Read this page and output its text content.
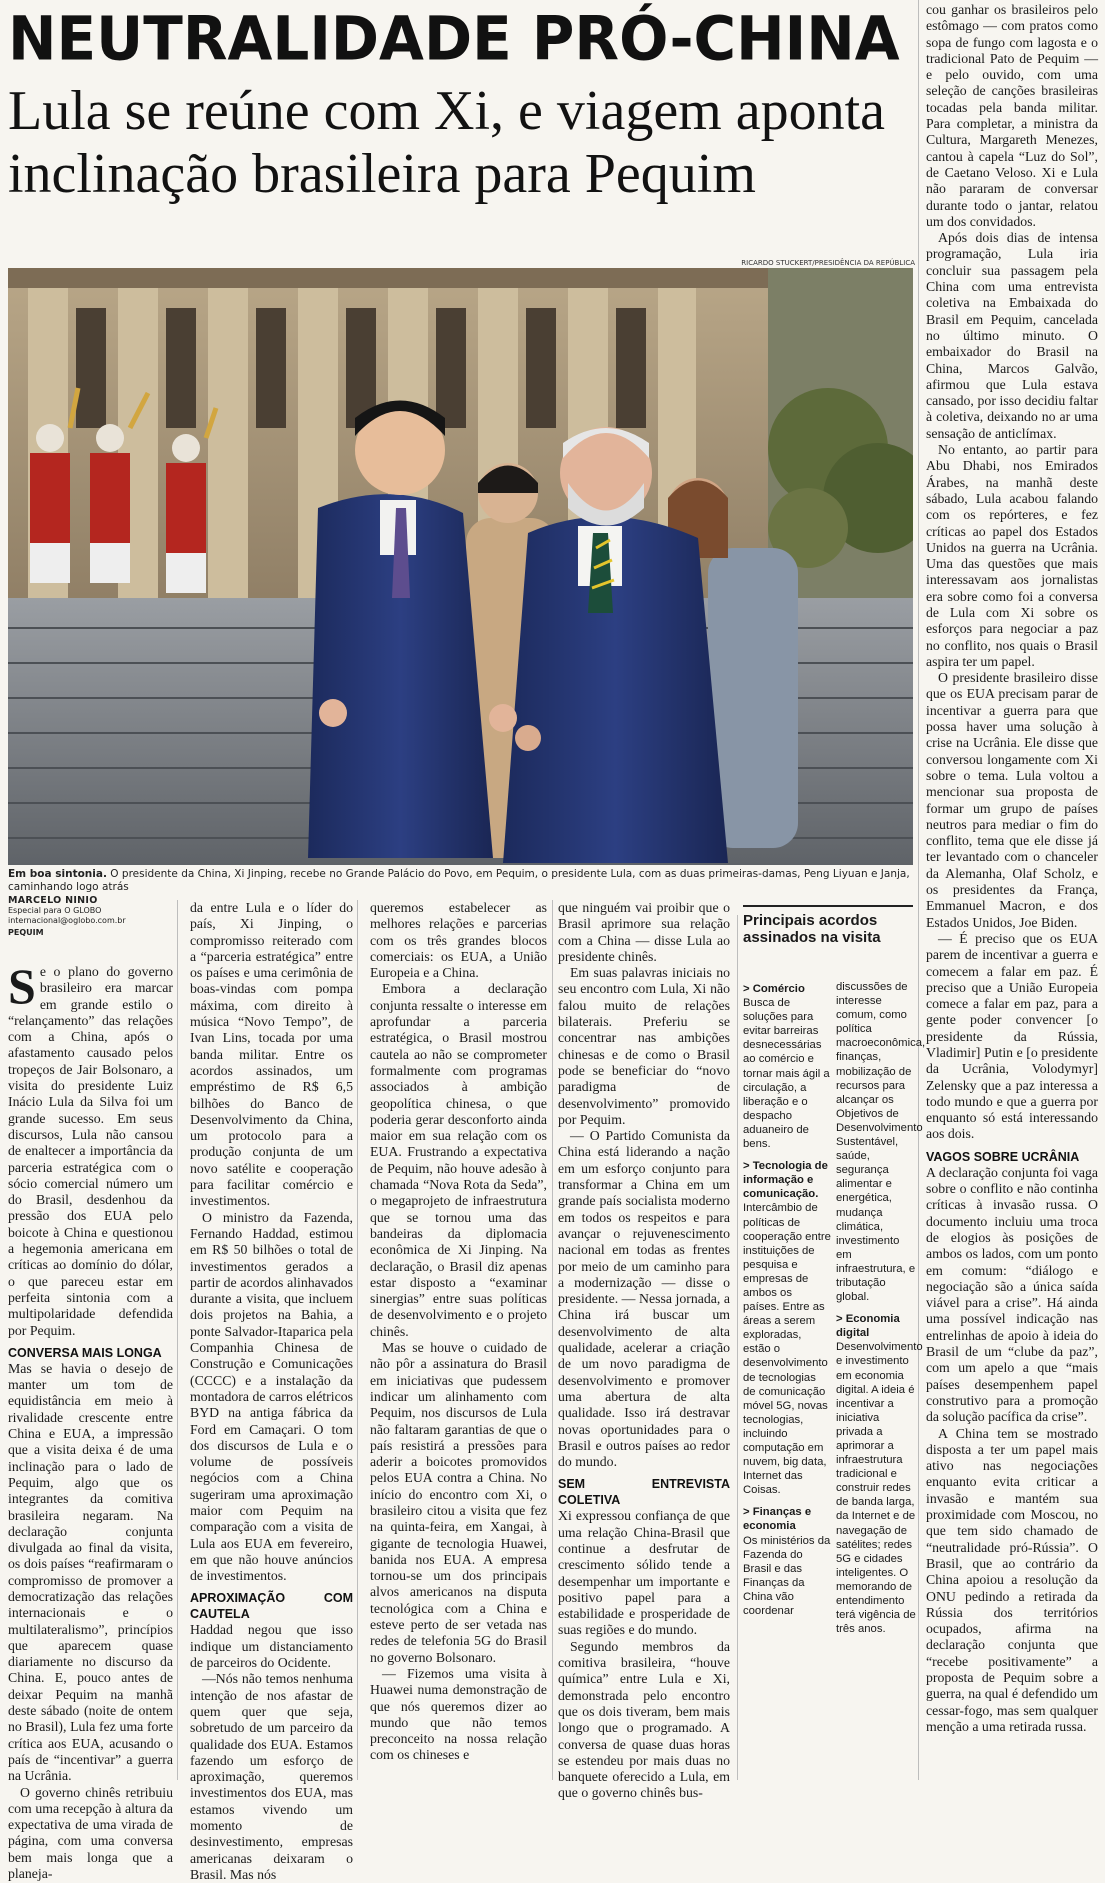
NEUTRALIDADE PRÓ-CHINA
Lula se reúne com Xi, e viagem aponta
inclinação brasileira para Pequim
RICARDO STUCKERT/PRESIDÊNCIA DA REPÚBLICA
Em boa sintonia. O presidente da China, Xi Jinping, recebe no Grande Palácio do Povo, em Pequim, o presidente Lula, com as duas primeiras-damas, Peng Liyuan e Janja, caminhando logo atrás
MARCELO NINIO
Especial para O GLOBO
internacional@oglobo.com.br
PEQUIM

Se o plano do governo brasileiro era marcar em grande estilo o “relançamento” das relações com a China, após o afastamento causado pelos tropeços de Jair Bolsonaro, a visita do presidente Luiz Inácio Lula da Silva foi um grande sucesso. Em seus discursos, Lula não cansou de enaltecer a importância da parceria estratégica com o sócio comercial número um do Brasil, desdenhou da pressão dos EUA pelo boicote à China e questionou a hegemonia americana em críticas ao domínio do dólar, o que pareceu estar em perfeita sintonia com a multipolaridade defendida por Pequim.

CONVERSA MAIS LONGA

Mas se havia o desejo de manter um tom de equidistância em meio à rivalidade crescente entre China e EUA, a impressão que a visita deixa é de uma inclinação para o lado de Pequim, algo que os integrantes da comitiva brasileira negaram. Na declaração conjunta divulgada ao final da visita, os dois países “reafirmaram o compromisso de promover a democratização das relações internacionais e o multilateralismo”, princípios que aparecem quase diariamente no discurso da China. E, pouco antes de deixar Pequim na manhã deste sábado (noite de ontem no Brasil), Lula fez uma forte crítica aos EUA, acusando o país de “incentivar” a guerra na Ucrânia.

O governo chinês retribuiu com uma recepção à altura da expectativa de uma virada de página, com uma conversa bem mais longa que a planeja-

da entre Lula e o líder do país, Xi Jinping, o compromisso reiterado com a “parceria estratégica” entre os países e uma cerimônia de boas-vindas com pompa máxima, com direito à música “Novo Tempo”, de Ivan Lins, tocada por uma banda militar. Entre os acordos assinados, um empréstimo de R$ 6,5 bilhões do Banco de Desenvolvimento da China, um protocolo para a produção conjunta de um novo satélite e cooperação para facilitar comércio e investimentos.

O ministro da Fazenda, Fernando Haddad, estimou em R$ 50 bilhões o total de investimentos gerados a partir de acordos alinhavados durante a visita, que incluem dois projetos na Bahia, a ponte Salvador-Itaparica pela Companhia Chinesa de Construção e Comunicações (CCCC) e a instalação da montadora de carros elétricos BYD na antiga fábrica da Ford em Camaçari. O tom dos discursos de Lula e o volume de possíveis negócios com a China sugeriram uma aproximação maior com Pequim na comparação com a visita de Lula aos EUA em fevereiro, em que não houve anúncios de investimentos.

APROXIMAÇÃO COM CAUTELA

Haddad negou que isso indique um distanciamento de parceiros do Ocidente.

—Nós não temos nenhuma intenção de nos afastar de quem quer que seja, sobretudo de um parceiro da qualidade dos EUA. Estamos fazendo um esforço de aproximação, queremos investimentos dos EUA, mas estamos vivendo um momento de desinvestimento, empresas americanas deixaram o Brasil. Mas nós

queremos estabelecer as melhores relações e parcerias com os três grandes blocos comerciais: os EUA, a União Europeia e a China.

Embora a declaração conjunta ressalte o interesse em aprofundar a parceria estratégica, o Brasil mostrou cautela ao não se comprometer formalmente com programas associados à ambição geopolítica chinesa, o que poderia gerar desconforto ainda maior em sua relação com os EUA. Frustrando a expectativa de Pequim, não houve adesão à chamada “Nova Rota da Seda”, o megaprojeto de infraestrutura que se tornou uma das bandeiras da diplomacia econômica de Xi Jinping. Na declaração, o Brasil diz apenas estar disposto a “examinar sinergias” entre suas políticas de desenvolvimento e o projeto chinês.

Mas se houve o cuidado de não pôr a assinatura do Brasil em iniciativas que pudessem indicar um alinhamento com Pequim, nos discursos de Lula não faltaram garantias de que o país resistirá a pressões para aderir a boicotes promovidos pelos EUA contra a China. No início do encontro com Xi, o brasileiro citou a visita que fez na quinta-feira, em Xangai, à gigante de tecnologia Huawei, banida nos EUA. A empresa tornou-se um dos principais alvos americanos na disputa tecnológica com a China e esteve perto de ser vetada nas redes de telefonia 5G do Brasil no governo Bolsonaro.

— Fizemos uma visita à Huawei numa demonstração de que nós queremos dizer ao mundo que não temos preconceito na nossa relação com os chineses e

que ninguém vai proibir que o Brasil aprimore sua relação com a China — disse Lula ao presidente chinês.

Em suas palavras iniciais no seu encontro com Lula, Xi não falou muito de relações bilaterais. Preferiu se concentrar nas ambições chinesas e de como o Brasil pode se beneficiar do “novo paradigma de desenvolvimento” promovido por Pequim.

— O Partido Comunista da China está liderando a nação em um esforço conjunto para transformar a China em um grande país socialista moderno em todos os respeitos e para avançar o rejuvenescimento nacional em todas as frentes por meio de um caminho para a modernização — disse o presidente. — Nessa jornada, a China irá buscar um desenvolvimento de alta qualidade, acelerar a criação de um novo paradigma de desenvolvimento e promover uma abertura de alta qualidade. Isso irá destravar novas oportunidades para o Brasil e outros países ao redor do mundo.

SEM ENTREVISTA COLETIVA

Xi expressou confiança de que uma relação China-Brasil que continue a desfrutar de crescimento sólido tende a desempenhar um importante e positivo papel para a estabilidade e prosperidade de suas regiões e do mundo.

Segundo membros da comitiva brasileira, “houve química” entre Lula e Xi, demonstrada pelo encontro que os dois tiveram, bem mais longo que o programado. A conversa de quase duas horas se estendeu por mais duas no banquete oferecido a Lula, em que o governo chinês bus-

Principais acordos assinados na visita

> Comércio
Busca de soluções para evitar barreiras desnecessárias ao comércio e tornar mais ágil a circulação, a liberação e o despacho aduaneiro de bens.

> Tecnologia de informação e comunicação.
Intercâmbio de políticas de cooperação entre instituições de pesquisa e empresas de ambos os países. Entre as áreas a serem exploradas, estão o desenvolvimento de tecnologias de comunicação móvel 5G, novas tecnologias, incluindo computação em nuvem, big data, Internet das Coisas.

> Finanças e economia
Os ministérios da Fazenda do Brasil e das Finanças da China vão coordenar

discussões de interesse comum, como política macroeconômica, finanças, mobilização de recursos para alcançar os Objetivos de Desenvolvimento Sustentável, saúde, segurança alimentar e energética, mudança climática, investimento em infraestrutura, e tributação global.

> Economia digital
Desenvolvimento e investimento em economia digital. A ideia é incentivar a iniciativa privada a aprimorar a infraestrutura tradicional e construir redes de banda larga, da Internet e de navegação de satélites; redes 5G e cidades inteligentes. O memorando de entendimento terá vigência de três anos.

cou ganhar os brasileiros pelo estômago — com pratos como sopa de fungo com lagosta e o tradicional Pato de Pequim — e pelo ouvido, com uma seleção de canções brasileiras tocadas pela banda militar. Para completar, a ministra da Cultura, Margareth Menezes, cantou à capela “Luz do Sol”, de Caetano Veloso. Xi e Lula não pararam de conversar durante todo o jantar, relatou um dos convidados.

Após dois dias de intensa programação, Lula iria concluir sua passagem pela China com uma entrevista coletiva na Embaixada do Brasil em Pequim, cancelada no último minuto. O embaixador do Brasil na China, Marcos Galvão, afirmou que Lula estava cansado, por isso decidiu faltar à coletiva, deixando no ar uma sensação de anticlímax.

No entanto, ao partir para Abu Dhabi, nos Emirados Árabes, na manhã deste sábado, Lula acabou falando com os repórteres, e fez críticas ao papel dos Estados Unidos na guerra na Ucrânia. Uma das questões que mais interessavam aos jornalistas era sobre como foi a conversa de Lula com Xi sobre os esforços para negociar a paz no conflito, nos quais o Brasil aspira ter um papel.

O presidente brasileiro disse que os EUA precisam parar de incentivar a guerra para que possa haver uma solução à crise na Ucrânia. Ele disse que conversou longamente com Xi sobre o tema. Lula voltou a mencionar sua proposta de formar um grupo de países neutros para mediar o fim do conflito, tema que ele disse já ter levantado com o chanceler da Alemanha, Olaf Scholz, e os presidentes da França, Emmanuel Macron, e dos Estados Unidos, Joe Biden.

— É preciso que os EUA parem de incentivar a guerra e comecem a falar em paz. É preciso que a União Europeia comece a falar em paz, para a gente poder convencer [o presidente da Rússia, Vladimir] Putin e [o presidente da Ucrânia, Volodymyr] Zelensky que a paz interessa a todo mundo e que a guerra por enquanto só está interessando aos dois.

VAGOS SOBRE UCRÂNIA

A declaração conjunta foi vaga sobre o conflito e não continha críticas à invasão russa. O documento incluiu uma troca de elogios às posições de ambos os lados, com um ponto em comum: “diálogo e negociação são a única saída viável para a crise”. Há ainda uma possível indicação nas entrelinhas de apoio à ideia do Brasil de um “clube da paz”, com um apelo a que “mais países desempenhem papel construtivo para a promoção da solução pacífica da crise”.

A China tem se mostrado disposta a ter um papel mais ativo nas negociações enquanto evita criticar a invasão e mantém sua proximidade com Moscou, no que tem sido chamado de “neutralidade pró-Rússia”. O Brasil, que ao contrário da China apoiou a resolução da ONU pedindo a retirada da Rússia dos territórios ocupados, afirma na declaração conjunta que “recebe positivamente” a proposta de Pequim sobre a guerra, na qual é defendido um cessar-fogo, mas sem qualquer menção a uma retirada russa.
